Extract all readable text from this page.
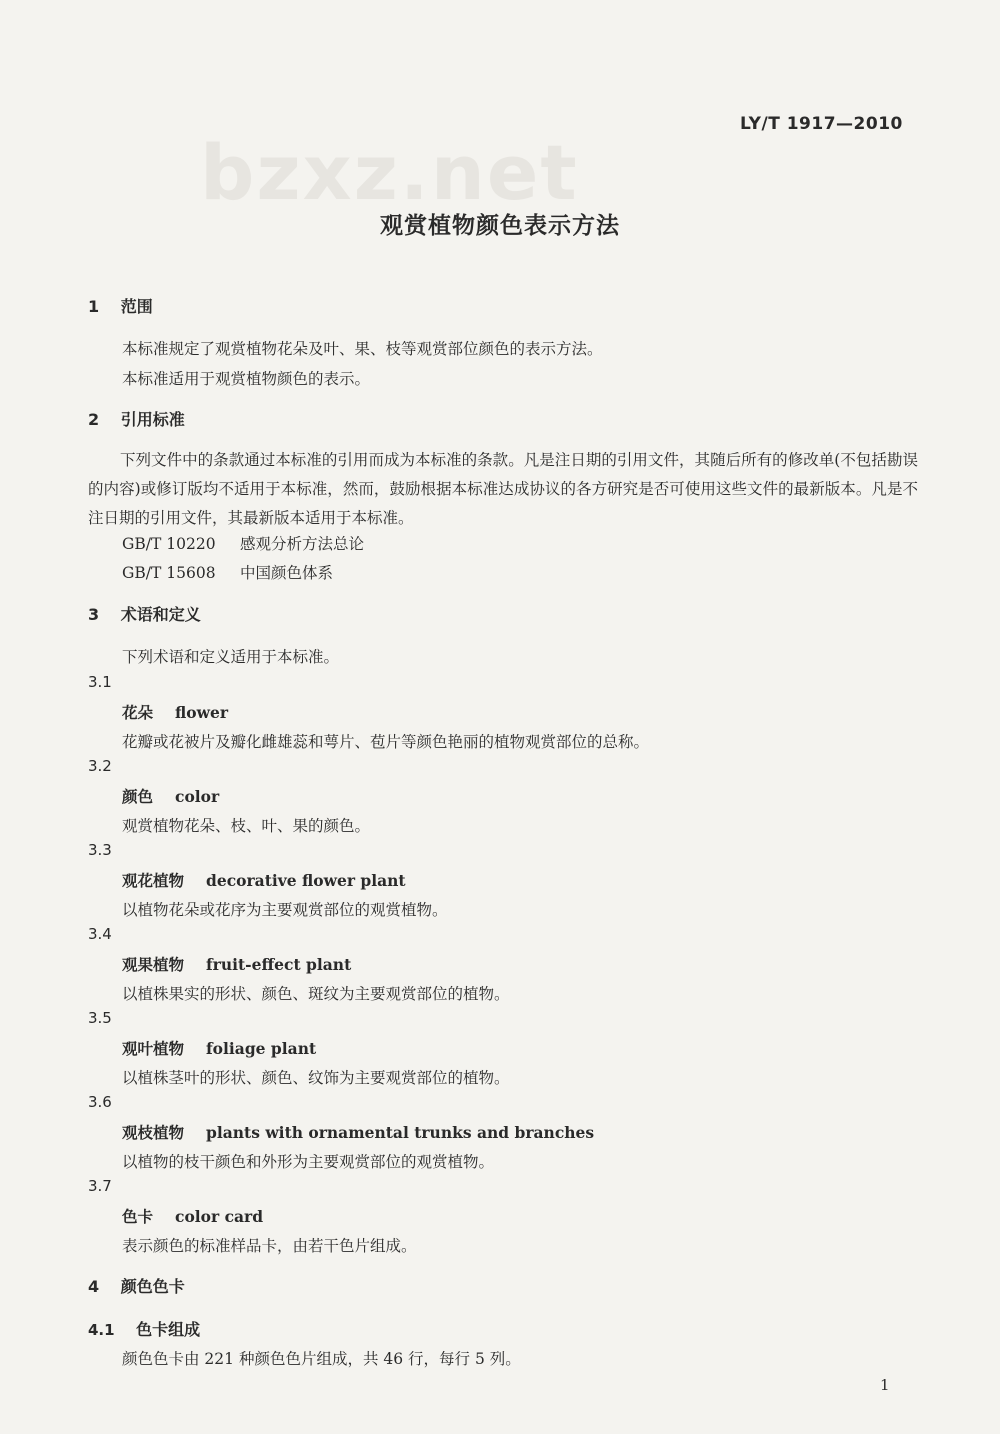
bzxz.net
LY/T 1917—2010
观赏植物颜色表示方法
1 范围
本标准规定了观赏植物花朵及叶、果、枝等观赏部位颜色的表示方法。
本标准适用于观赏植物颜色的表示。
2 引用标准
下列文件中的条款通过本标准的引用而成为本标准的条款。凡是注日期的引用文件，其随后所有的修改单(不包括勘误的内容)或修订版均不适用于本标准，然而，鼓励根据本标准达成协议的各方研究是否可使用这些文件的最新版本。凡是不注日期的引用文件，其最新版本适用于本标准。
GB/T 10220 感观分析方法总论
GB/T 15608 中国颜色体系
3 术语和定义
下列术语和定义适用于本标准。
3.1
花朵 flower
花瓣或花被片及瓣化雌雄蕊和萼片、苞片等颜色艳丽的植物观赏部位的总称。
3.2
颜色 color
观赏植物花朵、枝、叶、果的颜色。
3.3
观花植物 decorative flower plant
以植物花朵或花序为主要观赏部位的观赏植物。
3.4
观果植物 fruit-effect plant
以植株果实的形状、颜色、斑纹为主要观赏部位的植物。
3.5
观叶植物 foliage plant
以植株茎叶的形状、颜色、纹饰为主要观赏部位的植物。
3.6
观枝植物 plants with ornamental trunks and branches
以植物的枝干颜色和外形为主要观赏部位的观赏植物。
3.7
色卡 color card
表示颜色的标准样品卡，由若干色片组成。
4 颜色色卡
4.1 色卡组成
颜色色卡由 221 种颜色色片组成，共 46 行，每行 5 列。
1
